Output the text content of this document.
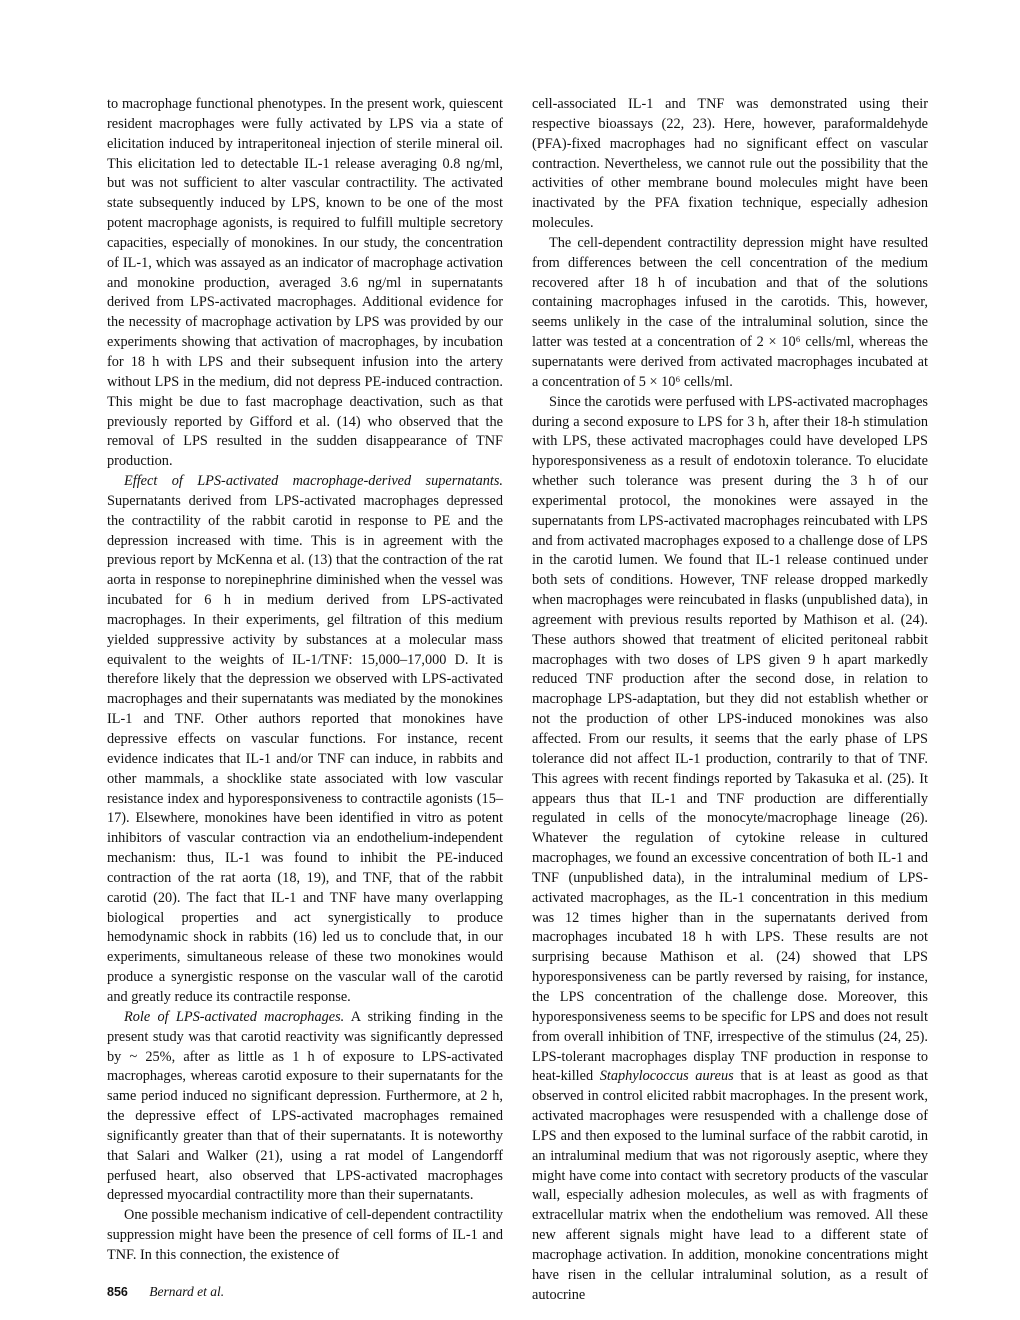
to macrophage functional phenotypes. In the present work, quiescent resident macrophages were fully activated by LPS via a state of elicitation induced by intraperitoneal injection of sterile mineral oil. This elicitation led to detectable IL-1 release averaging 0.8 ng/ml, but was not sufficient to alter vascular contractility. The activated state subsequently induced by LPS, known to be one of the most potent macrophage agonists, is required to fulfill multiple secretory capacities, especially of monokines. In our study, the concentration of IL-1, which was assayed as an indicator of macrophage activation and monokine production, averaged 3.6 ng/ml in supernatants derived from LPS-activated macrophages. Additional evidence for the necessity of macrophage activation by LPS was provided by our experiments showing that activation of macrophages, by incubation for 18 h with LPS and their subsequent infusion into the artery without LPS in the medium, did not depress PE-induced contraction. This might be due to fast macrophage deactivation, such as that previously reported by Gifford et al. (14) who observed that the removal of LPS resulted in the sudden disappearance of TNF production.

Effect of LPS-activated macrophage-derived supernatants. Supernatants derived from LPS-activated macrophages depressed the contractility of the rabbit carotid in response to PE and the depression increased with time. This is in agreement with the previous report by McKenna et al. (13) that the contraction of the rat aorta in response to norepinephrine diminished when the vessel was incubated for 6 h in medium derived from LPS-activated macrophages. In their experiments, gel filtration of this medium yielded suppressive activity by substances at a molecular mass equivalent to the weights of IL-1/TNF: 15,000–17,000 D. It is therefore likely that the depression we observed with LPS-activated macrophages and their supernatants was mediated by the monokines IL-1 and TNF. Other authors reported that monokines have depressive effects on vascular functions. For instance, recent evidence indicates that IL-1 and/or TNF can induce, in rabbits and other mammals, a shocklike state associated with low vascular resistance index and hyporesponsiveness to contractile agonists (15–17). Elsewhere, monokines have been identified in vitro as potent inhibitors of vascular contraction via an endothelium-independent mechanism: thus, IL-1 was found to inhibit the PE-induced contraction of the rat aorta (18, 19), and TNF, that of the rabbit carotid (20). The fact that IL-1 and TNF have many overlapping biological properties and act synergistically to produce hemodynamic shock in rabbits (16) led us to conclude that, in our experiments, simultaneous release of these two monokines would produce a synergistic response on the vascular wall of the carotid and greatly reduce its contractile response.

Role of LPS-activated macrophages. A striking finding in the present study was that carotid reactivity was significantly depressed by ~ 25%, after as little as 1 h of exposure to LPS-activated macrophages, whereas carotid exposure to their supernatants for the same period induced no significant depression. Furthermore, at 2 h, the depressive effect of LPS-activated macrophages remained significantly greater than that of their supernatants. It is noteworthy that Salari and Walker (21), using a rat model of Langendorff perfused heart, also observed that LPS-activated macrophages depressed myocardial contractility more than their supernatants.

One possible mechanism indicative of cell-dependent contractility suppression might have been the presence of cell forms of IL-1 and TNF. In this connection, the existence of

cell-associated IL-1 and TNF was demonstrated using their respective bioassays (22, 23). Here, however, paraformaldehyde (PFA)-fixed macrophages had no significant effect on vascular contraction. Nevertheless, we cannot rule out the possibility that the activities of other membrane bound molecules might have been inactivated by the PFA fixation technique, especially adhesion molecules.

The cell-dependent contractility depression might have resulted from differences between the cell concentration of the medium recovered after 18 h of incubation and that of the solutions containing macrophages infused in the carotids. This, however, seems unlikely in the case of the intraluminal solution, since the latter was tested at a concentration of 2 × 10⁶ cells/ml, whereas the supernatants were derived from activated macrophages incubated at a concentration of 5 × 10⁶ cells/ml.

Since the carotids were perfused with LPS-activated macrophages during a second exposure to LPS for 3 h, after their 18-h stimulation with LPS, these activated macrophages could have developed LPS hyporesponsiveness as a result of endotoxin tolerance. To elucidate whether such tolerance was present during the 3 h of our experimental protocol, the monokines were assayed in the supernatants from LPS-activated macrophages reincubated with LPS and from activated macrophages exposed to a challenge dose of LPS in the carotid lumen. We found that IL-1 release continued under both sets of conditions. However, TNF release dropped markedly when macrophages were reincubated in flasks (unpublished data), in agreement with previous results reported by Mathison et al. (24). These authors showed that treatment of elicited peritoneal rabbit macrophages with two doses of LPS given 9 h apart markedly reduced TNF production after the second dose, in relation to macrophage LPS-adaptation, but they did not establish whether or not the production of other LPS-induced monokines was also affected. From our results, it seems that the early phase of LPS tolerance did not affect IL-1 production, contrarily to that of TNF. This agrees with recent findings reported by Takasuka et al. (25). It appears thus that IL-1 and TNF production are differentially regulated in cells of the monocyte/macrophage lineage (26). Whatever the regulation of cytokine release in cultured macrophages, we found an excessive concentration of both IL-1 and TNF (unpublished data), in the intraluminal medium of LPS-activated macrophages, as the IL-1 concentration in this medium was 12 times higher than in the supernatants derived from macrophages incubated 18 h with LPS. These results are not surprising because Mathison et al. (24) showed that LPS hyporesponsiveness can be partly reversed by raising, for instance, the LPS concentration of the challenge dose. Moreover, this hyporesponsiveness seems to be specific for LPS and does not result from overall inhibition of TNF, irrespective of the stimulus (24, 25). LPS-tolerant macrophages display TNF production in response to heat-killed Staphylococcus aureus that is at least as good as that observed in control elicited rabbit macrophages. In the present work, activated macrophages were resuspended with a challenge dose of LPS and then exposed to the luminal surface of the rabbit carotid, in an intraluminal medium that was not rigorously aseptic, where they might have come into contact with secretory products of the vascular wall, especially adhesion molecules, as well as with fragments of extracellular matrix when the endothelium was removed. All these new afferent signals might have lead to a different state of macrophage activation. In addition, monokine concentrations might have risen in the cellular intraluminal solution, as a result of autocrine

856 Bernard et al.
